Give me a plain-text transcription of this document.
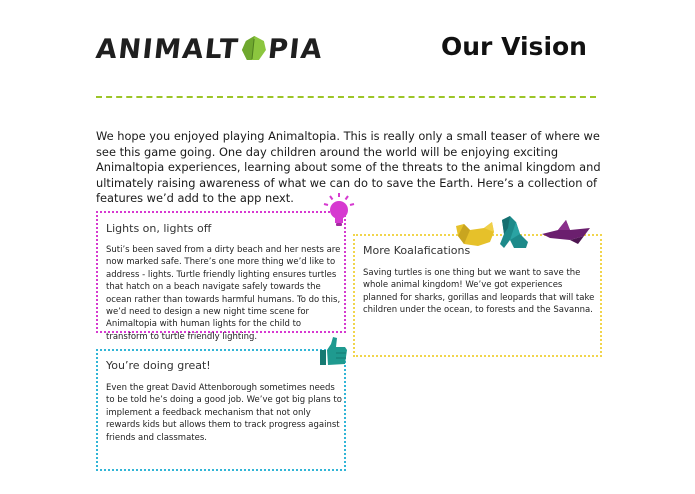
ANIMALT PIA	Our Vision
We hope you enjoyed playing Animaltopia. This is really only a small teaser of where we see this game going. One day children around the world will be enjoying exciting Animaltopia experiences, learning about some of the threats to the animal kingdom and ultimately raising awareness of what we can do to save the Earth. Here’s a collection of features we’d add to the app next.
Lights on, lights off

Suti’s been saved from a dirty beach and her nests are now marked safe. There’s one more thing we’d like to address - lights. Turtle friendly lighting ensures turtles that hatch on a beach navigate safely towards the ocean rather than towards harmful humans. To do this, we’d need to design a new night time scene for Animaltopia with human lights for the child to transform to turtle friendly lighting.

More Koalafications

Saving turtles is one thing but we want to save the whole animal kingdom! We’ve got experiences planned for sharks, gorillas and leopards that will take children under the ocean, to forests and the Savanna.

You’re doing great!

Even the great David Attenborough sometimes needs to be told he’s doing a good job. We’ve got big plans to implement a feedback mechanism that not only rewards kids but allows them to track progress against friends and classmates.
